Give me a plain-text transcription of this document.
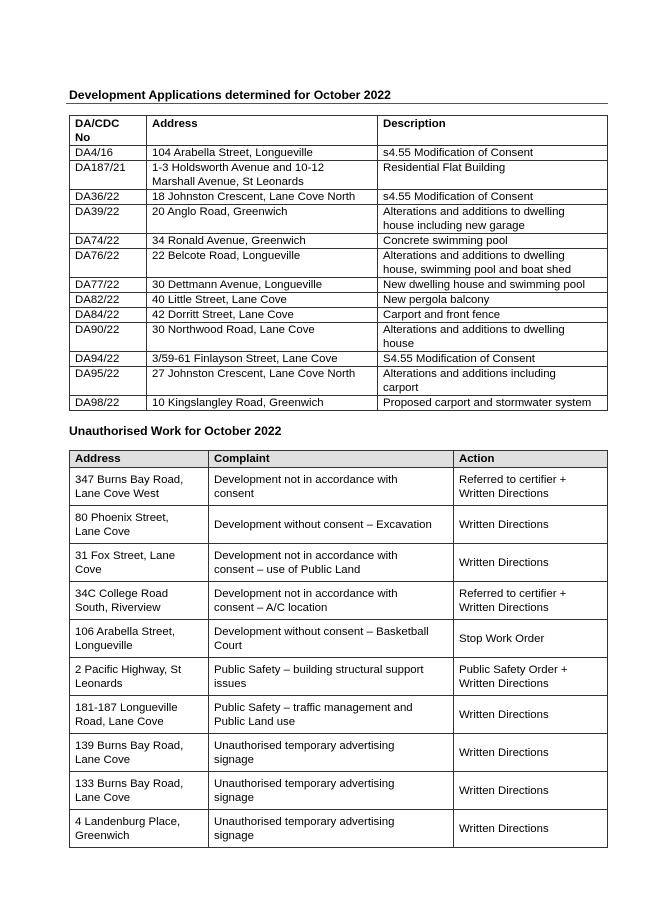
Development Applications determined for October 2022
DA/CDC
No	Address	Description

DA4/16	104 Arabella Street, Longueville	s4.55 Modification of Consent

DA187/21	1-3 Holdsworth Avenue and 10-12
Marshall Avenue, St Leonards	Residential Flat Building

DA36/22	18 Johnston Crescent, Lane Cove North	s4.55 Modification of Consent

DA39/22	20 Anglo Road, Greenwich	Alterations and additions to dwelling
house including new garage

DA74/22	34 Ronald Avenue, Greenwich	Concrete swimming pool

DA76/22	22 Belcote Road, Longueville	Alterations and additions to dwelling
house, swimming pool and boat shed

DA77/22	30 Dettmann Avenue, Longueville	New dwelling house and swimming pool

DA82/22	40 Little Street, Lane Cove	New pergola balcony

DA84/22	42 Dorritt Street, Lane Cove	Carport and front fence

DA90/22	30 Northwood Road, Lane Cove	Alterations and additions to dwelling
house

DA94/22	3/59-61 Finlayson Street, Lane Cove	S4.55 Modification of Consent

DA95/22	27 Johnston Crescent, Lane Cove North	Alterations and additions including
carport

DA98/22	10 Kingslangley Road, Greenwich	Proposed carport and stormwater system
Unauthorised Work for October 2022
Address	Complaint	Action

347 Burns Bay Road,
Lane Cove West	Development not in accordance with
consent	Referred to certifier +
Written Directions

80 Phoenix Street,
Lane Cove	Development without consent – Excavation	Written Directions

31 Fox Street, Lane
Cove	Development not in accordance with
consent – use of Public Land	Written Directions

34C College Road
South, Riverview	Development not in accordance with
consent – A/C location	Referred to certifier +
Written Directions

106 Arabella Street,
Longueville	Development without consent – Basketball
Court	Stop Work Order

2 Pacific Highway, St
Leonards	Public Safety – building structural support
issues	Public Safety Order +
Written Directions

181-187 Longueville
Road, Lane Cove	Public Safety – traffic management and
Public Land use	Written Directions

139 Burns Bay Road,
Lane Cove	Unauthorised temporary advertising
signage	Written Directions

133 Burns Bay Road,
Lane Cove	Unauthorised temporary advertising
signage	Written Directions

4 Landenburg Place,
Greenwich	Unauthorised temporary advertising
signage	Written Directions
